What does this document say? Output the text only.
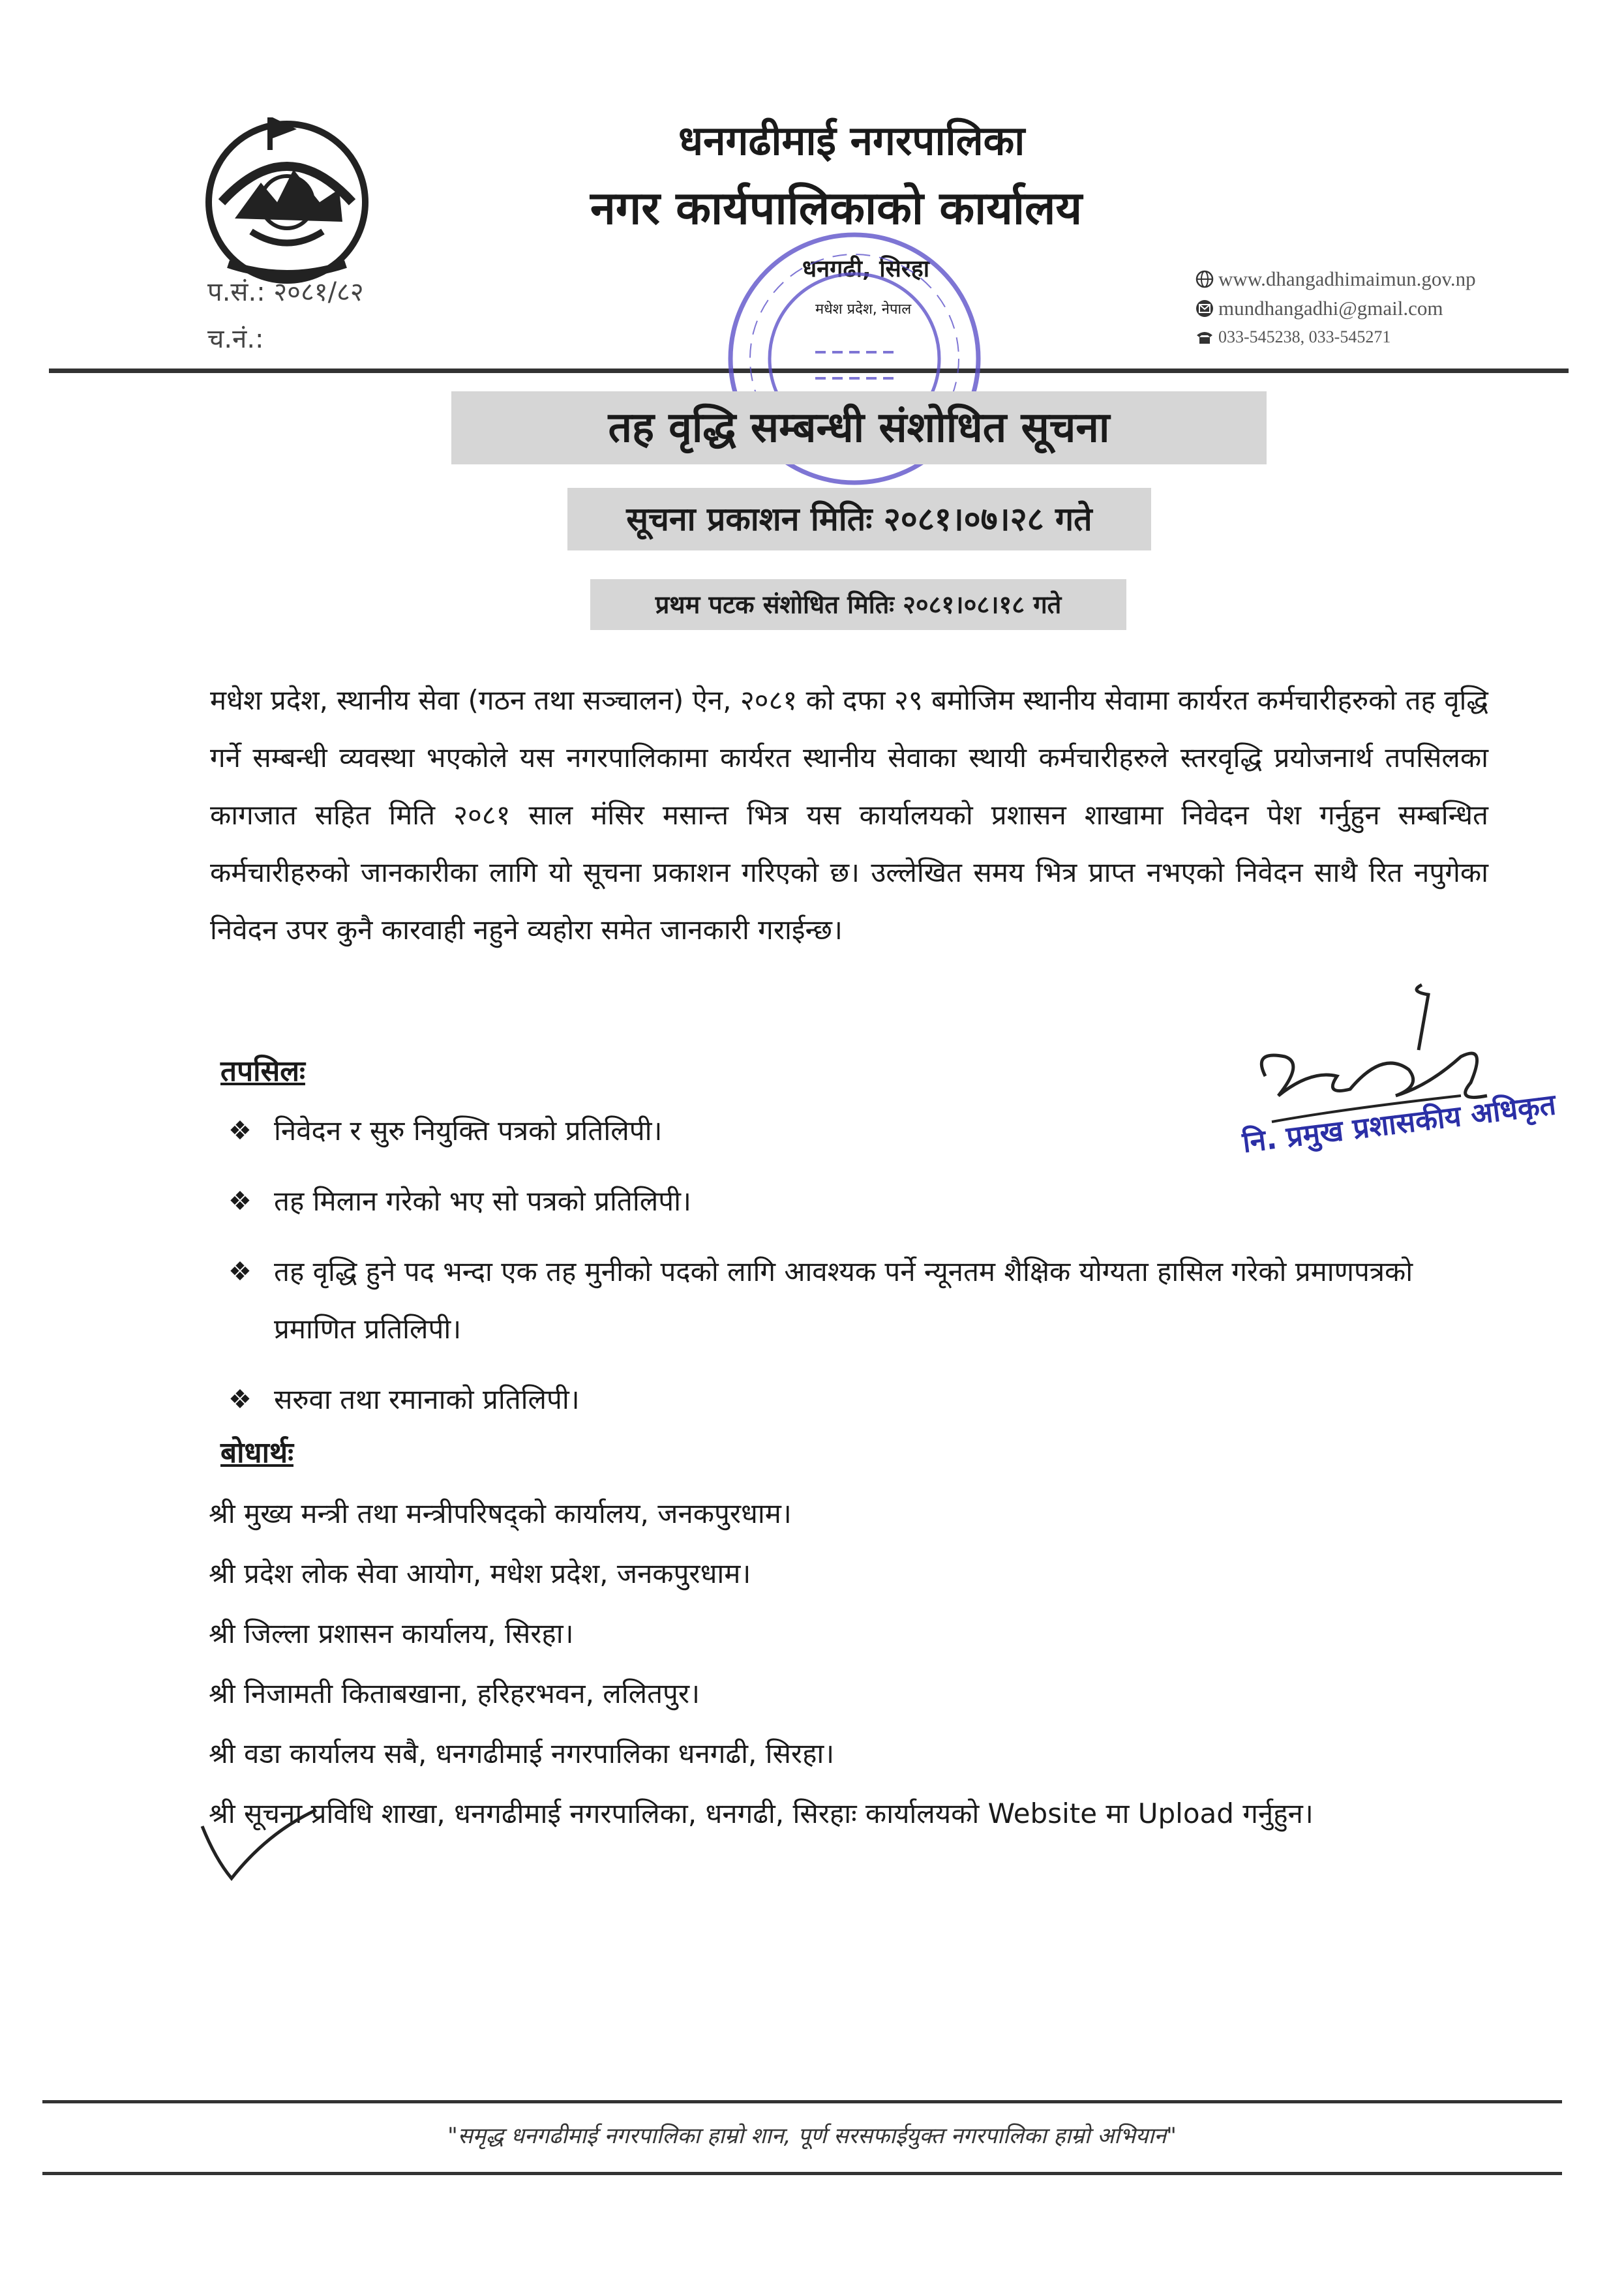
धनगढीमाई नगरपालिका
नगर कार्यपालिकाको कार्यालय
धनगढी, सिरहा
मधेश प्रदेश, नेपाल
प.सं.: २०८१/८२
च.नं.:
www.dhangadhimaimun.gov.np
mundhangadhi@gmail.com
033-545238, 033-545271
तह वृद्धि सम्बन्धी संशोधित सूचना
सूचना प्रकाशन मितिः २०८१।०७।२८ गते
प्रथम पटक संशोधित मितिः २०८१।०८।१८ गते

मधेश प्रदेश, स्थानीय सेवा (गठन तथा सञ्चालन) ऐन, २०८१ को दफा २९ बमोजिम स्थानीय सेवामा कार्यरत कर्मचारीहरुको तह वृद्धि गर्ने सम्बन्धी व्यवस्था भएकोले यस नगरपालिकामा कार्यरत स्थानीय सेवाका स्थायी कर्मचारीहरुले स्तरवृद्धि प्रयोजनार्थ तपसिलका कागजात सहित मिति २०८१ साल मंसिर मसान्त भित्र यस कार्यालयको प्रशासन शाखामा निवेदन पेश गर्नुहुन सम्बन्धित कर्मचारीहरुको जानकारीका लागि यो सूचना प्रकाशन गरिएको छ। उल्लेखित समय भित्र प्राप्त नभएको निवेदन साथै रित नपुगेका निवेदन उपर कुनै कारवाही नहुने व्यहोरा समेत जानकारी गराईन्छ।

तपसिलः
❖ निवेदन र सुरु नियुक्ति पत्रको प्रतिलिपी।
❖ तह मिलान गरेको भए सो पत्रको प्रतिलिपी।
❖ तह वृद्धि हुने पद भन्दा एक तह मुनीको पदको लागि आवश्यक पर्ने न्यूनतम शैक्षिक योग्यता हासिल गरेको प्रमाणपत्रको प्रमाणित प्रतिलिपी।
❖ सरुवा तथा रमानाको प्रतिलिपी।
नि. प्रमुख प्रशासकीय अधिकृत
बोधार्थः
श्री मुख्य मन्त्री तथा मन्त्रीपरिषद्को कार्यालय, जनकपुरधाम।
श्री प्रदेश लोक सेवा आयोग, मधेश प्रदेश, जनकपुरधाम।
श्री जिल्ला प्रशासन कार्यालय, सिरहा।
श्री निजामती किताबखाना, हरिहरभवन, ललितपुर।
श्री वडा कार्यालय सबै, धनगढीमाई नगरपालिका धनगढी, सिरहा।
श्री सूचना प्रविधि शाखा, धनगढीमाई नगरपालिका, धनगढी, सिरहाः कार्यालयको Website मा Upload गर्नुहुन।
"समृद्ध धनगढीमाई नगरपालिका हाम्रो शान, पूर्ण सरसफाईयुक्त नगरपालिका हाम्रो अभियान"
